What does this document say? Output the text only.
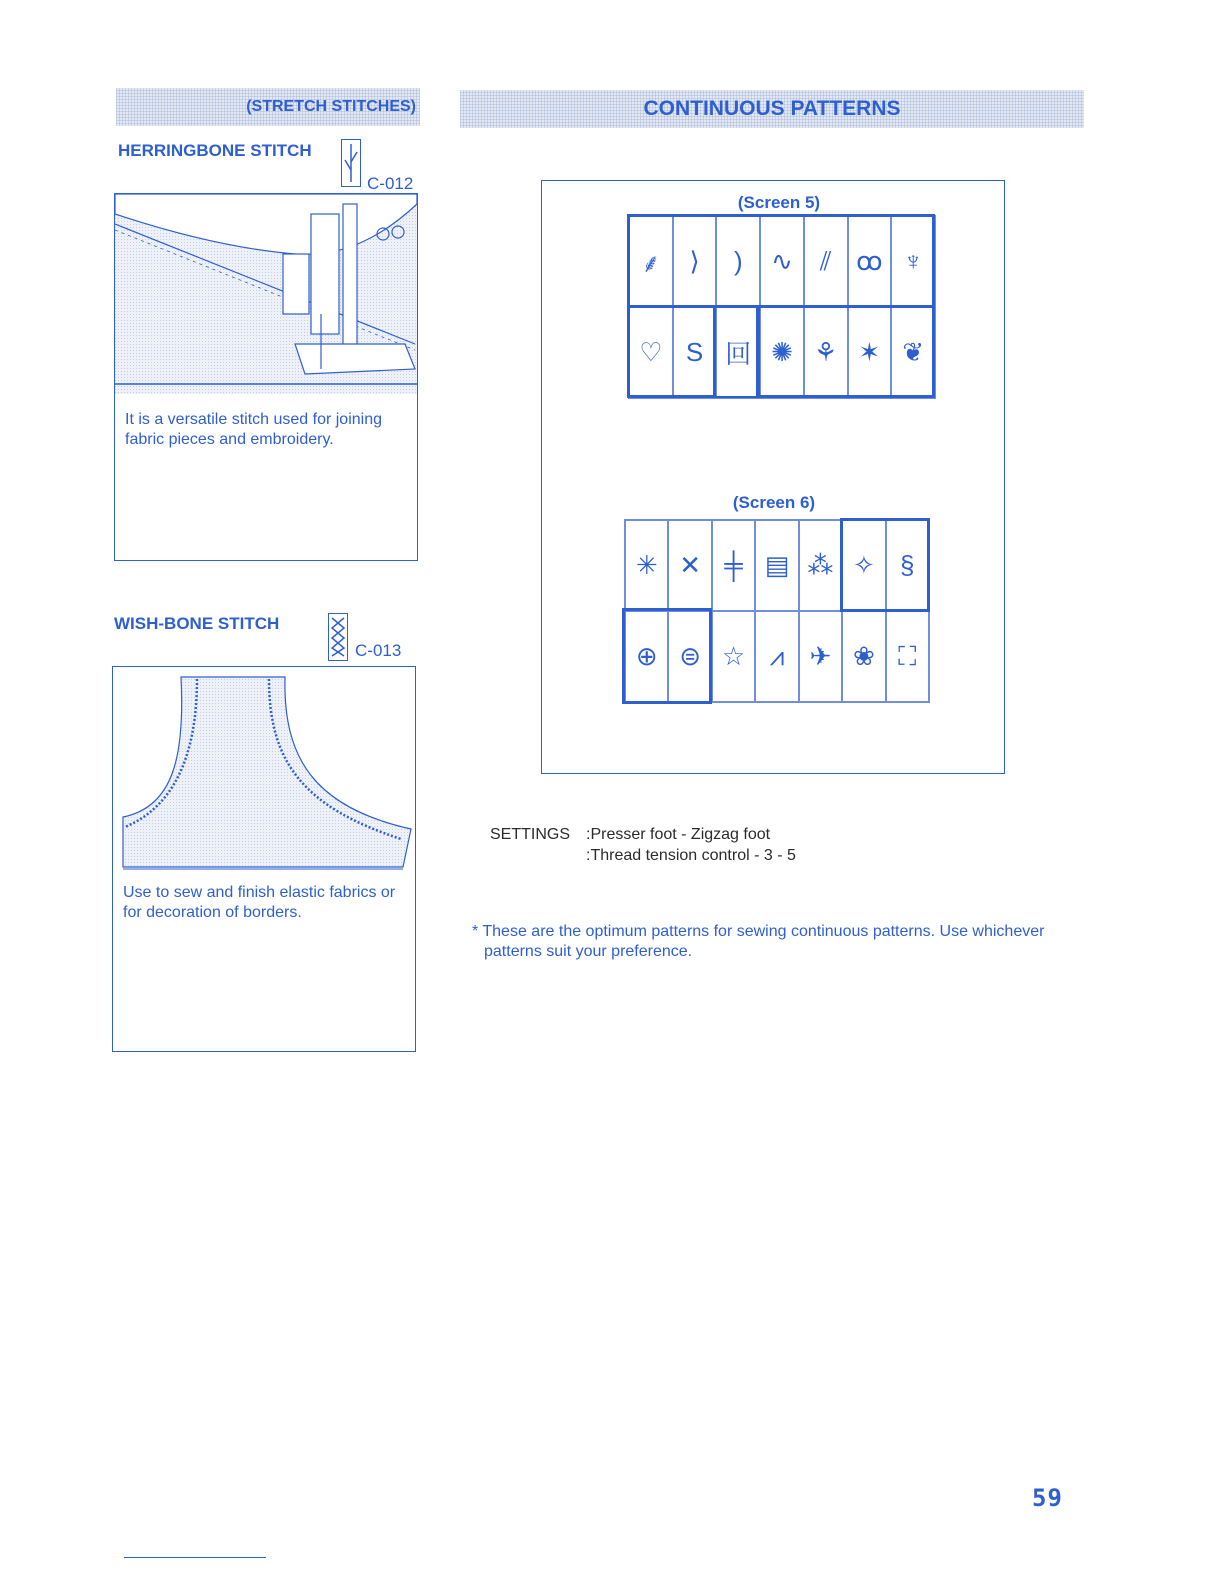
(STRETCH STITCHES)	CONTINUOUS PATTERNS
HERRINGBONE STITCH
C-012
It is a versatile stitch used for joining fabric pieces and embroidery.
WISH-BONE STITCH
C-013
Use to sew and finish elastic fabrics or for decoration of borders.
(Screen 5)
⸙	⟩	)	∿	⫽ ꝏ ♆
♡ S 回 ✺ ⚘ ✶ ❦
(Screen 6)
✳ ✕ ╪ ▤ ⁂ ✧ §
⊕ ⊜ ☆ ⩘ ✈ ❀ ⛶
SETTINGS :Presser foot - Zigzag foot
:Thread tension control - 3 - 5
* These are the optimum patterns for sewing continuous patterns. Use whichever patterns suit your preference.
59
